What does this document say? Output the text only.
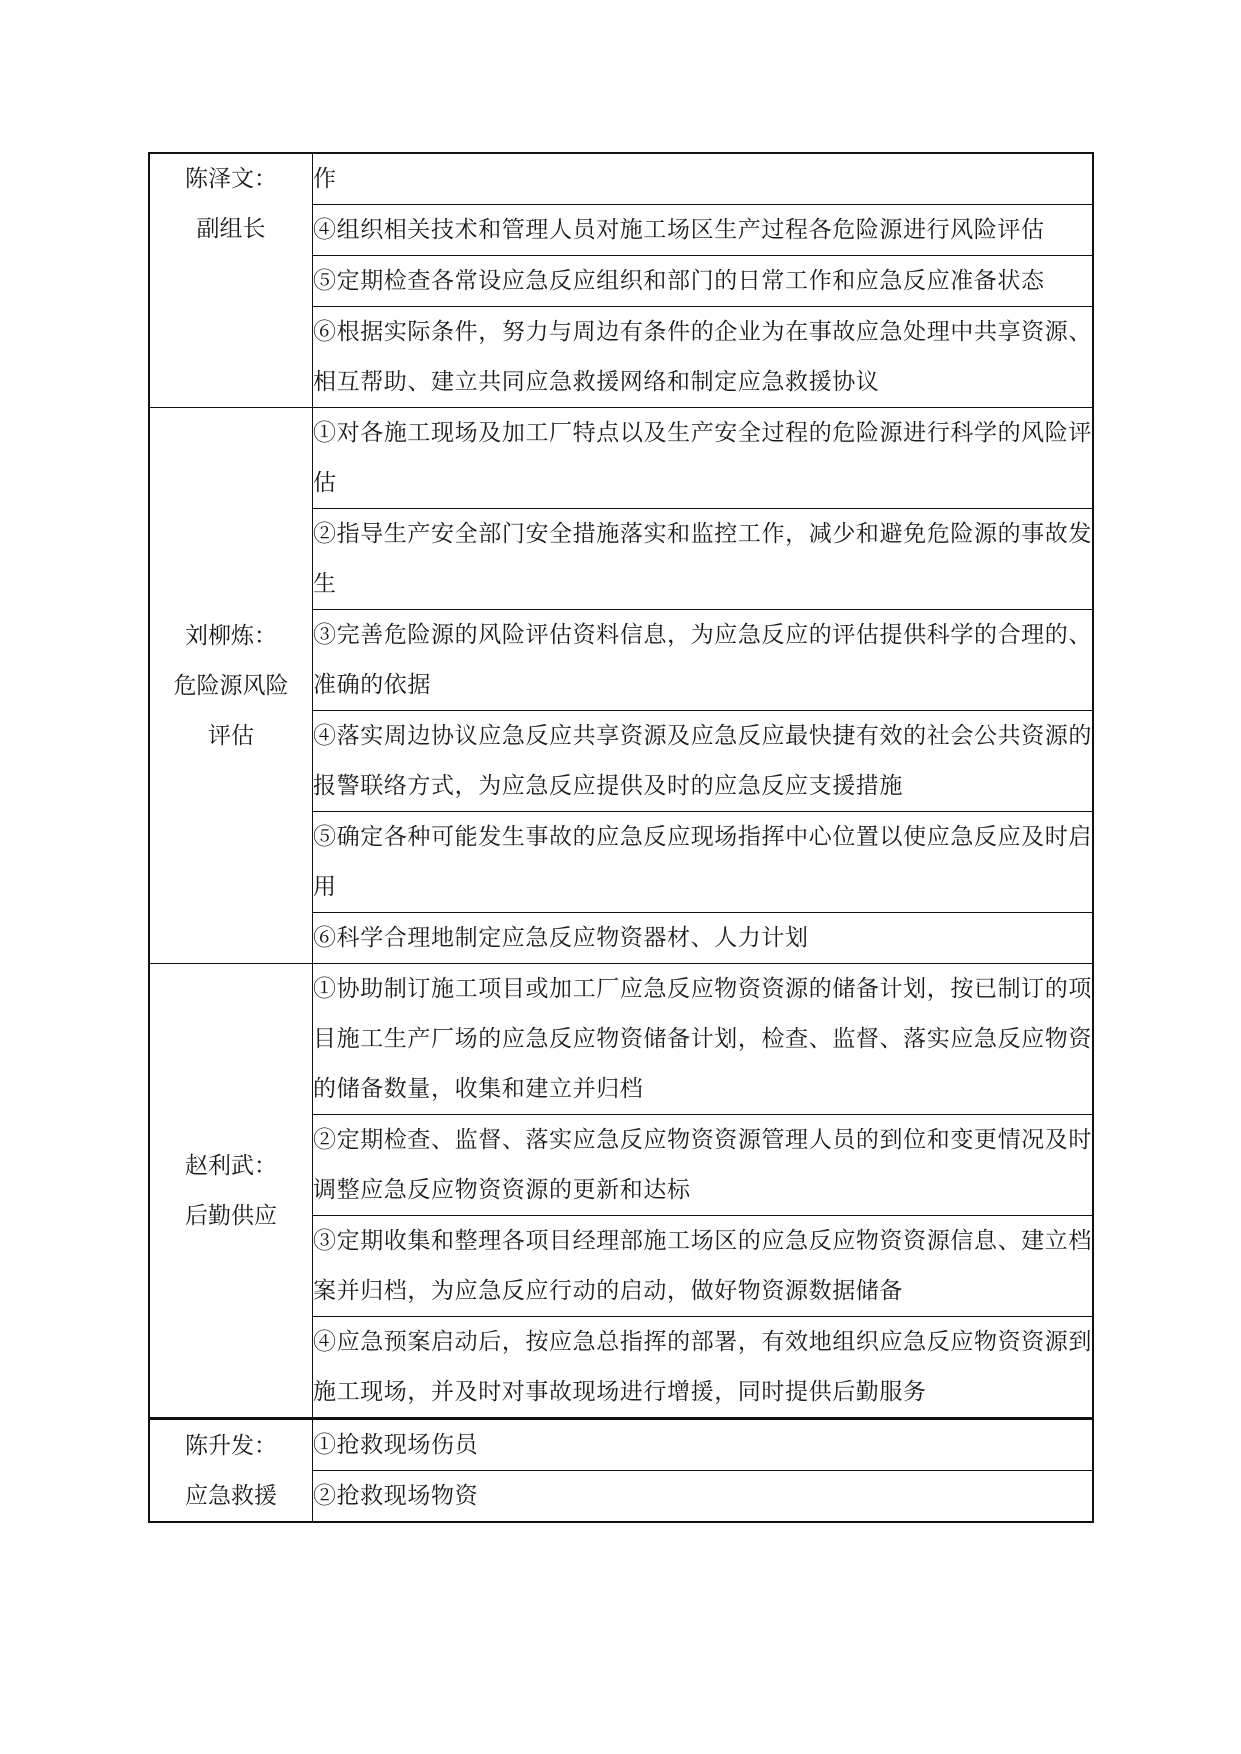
陈泽文：
副组长	作
	④组织相关技术和管理人员对施工场区生产过程各危险源进行风险评估
	⑤定期检查各常设应急反应组织和部门的日常工作和应急反应准备状态
	⑥根据实际条件，努力与周边有条件的企业为在事故应急处理中共享资源、相互帮助、建立共同应急救援网络和制定应急救援协议

刘柳炼：
危险源风险
评估	①对各施工现场及加工厂特点以及生产安全过程的危险源进行科学的风险评估
	②指导生产安全部门安全措施落实和监控工作，减少和避免危险源的事故发生
	③完善危险源的风险评估资料信息，为应急反应的评估提供科学的合理的、准确的依据
	④落实周边协议应急反应共享资源及应急反应最快捷有效的社会公共资源的报警联络方式，为应急反应提供及时的应急反应支援措施
	⑤确定各种可能发生事故的应急反应现场指挥中心位置以使应急反应及时启用
	⑥科学合理地制定应急反应物资器材、人力计划

赵利武：
后勤供应	①协助制订施工项目或加工厂应急反应物资资源的储备计划，按已制订的项目施工生产厂场的应急反应物资储备计划，检查、监督、落实应急反应物资的储备数量，收集和建立并归档
	②定期检查、监督、落实应急反应物资资源管理人员的到位和变更情况及时调整应急反应物资资源的更新和达标
	③定期收集和整理各项目经理部施工场区的应急反应物资资源信息、建立档案并归档，为应急反应行动的启动，做好物资源数据储备
	④应急预案启动后，按应急总指挥的部署，有效地组织应急反应物资资源到施工现场，并及时对事故现场进行增援，同时提供后勤服务

陈升发：
应急救援	①抢救现场伤员
	②抢救现场物资
